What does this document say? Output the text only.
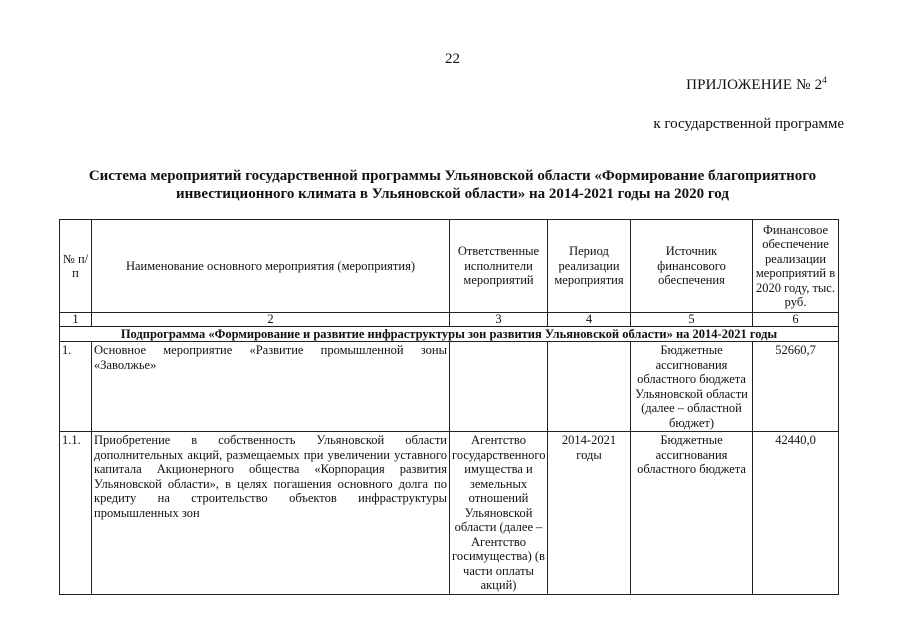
22
ПРИЛОЖЕНИЕ № $2^4$
к государственной программе
Система мероприятий государственной программы Ульяновской области «Формирование благоприятного
инвестиционного климата в Ульяновской области» на 2014-2021 годы на 2020 год
№ п/п	Наименование основного мероприятия (мероприятия)	Ответственные исполнители мероприятий	Период реализации мероприятия	Источник финансового обеспечения	Финансовое обеспечение реализации мероприятий в 2020 году, тыс. руб.
1	2	3	4	5	6
Подпрограмма «Формирование и развитие инфраструктуры зон развития Ульяновской области» на 2014-2021 годы					
1.	Основное мероприятие «Развитие промышленной зоны «Заволжье»			Бюджетные ассигнования областного бюджета Ульяновской области (далее – областной бюджет)	52660,7
1.1.	Приобретение в собственность Ульяновской области дополнительных акций, размещаемых при увеличении уставного капитала Акционерного общества «Корпорация развития Ульяновской области», в целях погашения основного долга по кредиту на строительство объектов инфраструктуры промышленных зон	Агентство государственного имущества и земельных отношений Ульяновской области (далее – Агентство госимущества) (в части оплаты акций)	2014-2021 годы	Бюджетные ассигнования областного бюджета	42440,0
